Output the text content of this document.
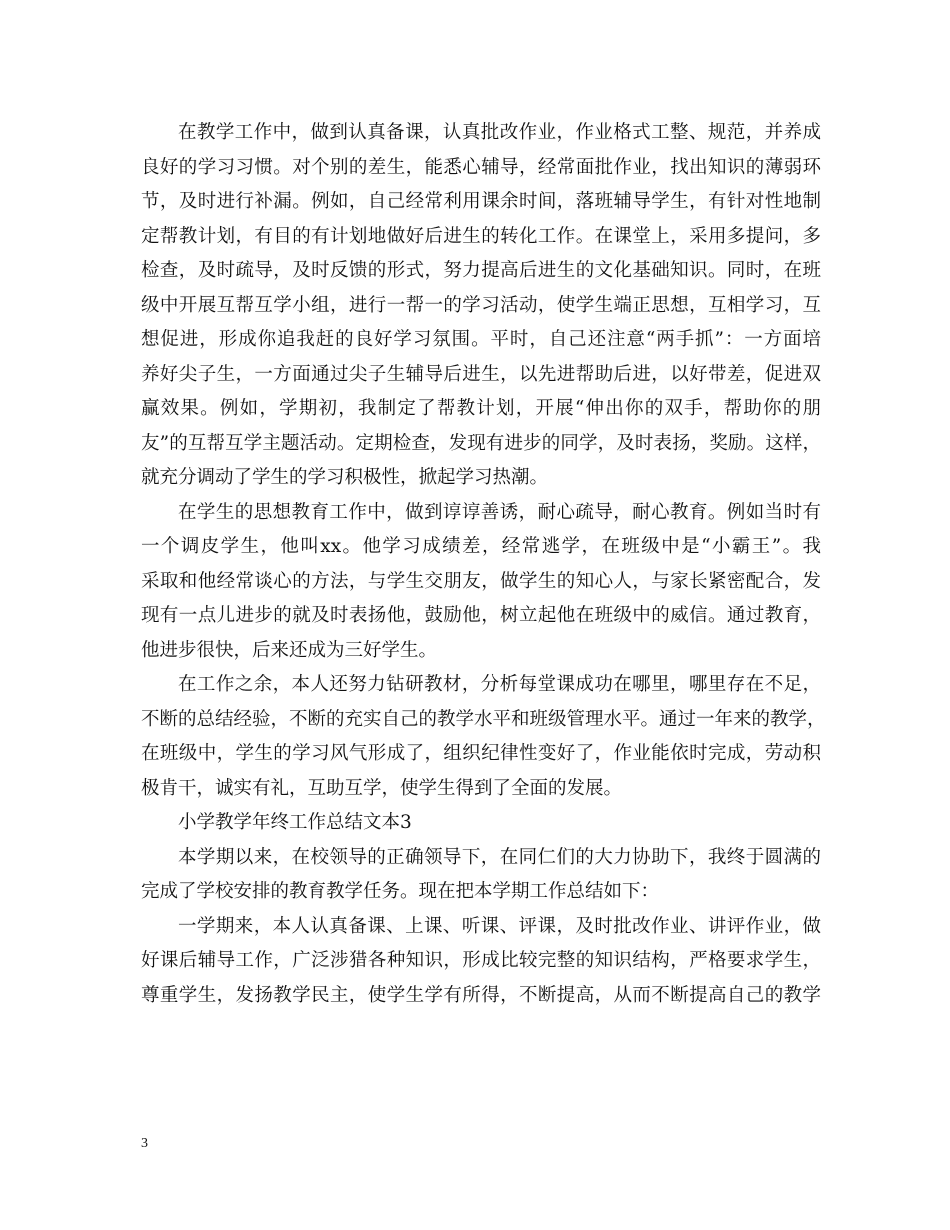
在教学工作中，做到认真备课，认真批改作业，作业格式工整、规范，并养成
良好的学习习惯。对个别的差生，能悉心辅导，经常面批作业，找出知识的薄弱环
节，及时进行补漏。例如，自己经常利用课余时间，落班辅导学生，有针对性地制
定帮教计划，有目的有计划地做好后进生的转化工作。在课堂上，采用多提问，多
检查，及时疏导，及时反馈的形式，努力提高后进生的文化基础知识。同时，在班
级中开展互帮互学小组，进行一帮一的学习活动，使学生端正思想，互相学习，互
想促进，形成你追我赶的良好学习氛围。平时，自己还注意“两手抓”：一方面培
养好尖子生，一方面通过尖子生辅导后进生，以先进帮助后进，以好带差，促进双
赢效果。例如，学期初，我制定了帮教计划，开展“伸出你的双手，帮助你的朋
友”的互帮互学主题活动。定期检查，发现有进步的同学，及时表扬，奖励。这样，
就充分调动了学生的学习积极性，掀起学习热潮。
在学生的思想教育工作中，做到谆谆善诱，耐心疏导，耐心教育。例如当时有
一个调皮学生，他叫xx。他学习成绩差，经常逃学，在班级中是“小霸王”。我
采取和他经常谈心的方法，与学生交朋友，做学生的知心人，与家长紧密配合，发
现有一点儿进步的就及时表扬他，鼓励他，树立起他在班级中的威信。通过教育，
他进步很快，后来还成为三好学生。
在工作之余，本人还努力钻研教材，分析每堂课成功在哪里，哪里存在不足，
不断的总结经验，不断的充实自己的教学水平和班级管理水平。通过一年来的教学，
在班级中，学生的学习风气形成了，组织纪律性变好了，作业能依时完成，劳动积
极肯干，诚实有礼，互助互学，使学生得到了全面的发展。
小学教学年终工作总结文本3
本学期以来，在校领导的正确领导下，在同仁们的大力协助下，我终于圆满的
完成了学校安排的教育教学任务。现在把本学期工作总结如下：
一学期来，本人认真备课、上课、听课、评课，及时批改作业、讲评作业，做
好课后辅导工作，广泛涉猎各种知识，形成比较完整的知识结构，严格要求学生，
尊重学生，发扬教学民主，使学生学有所得，不断提高，从而不断提高自己的教学
3
